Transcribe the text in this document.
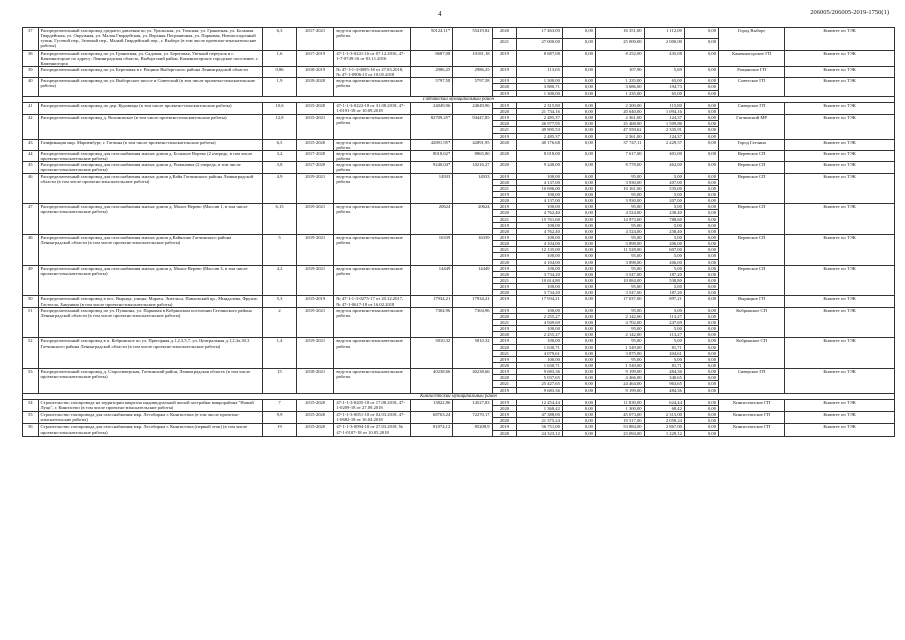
4	206005/206005-2019-1750(1)
37	Распределительный газопровод среднего давления по ул. Уральская, ул. Томская, ул. Гранитная, ул. Большая Гвардейская, ул. Окружная, ул. Малая Гвардейская, ул. Верхняя Пограничная, ул. Парковая, Новопосадочный тупик, Гусевой пер., Зеленый пер., Малый Гвардейский пер., г. Выборг (в том числе проектно-изыскательские работы)	6,3	2017-2021	ведутся проектно-изыскательские работы	50124,11*	55419,82	2020	17 463,00	0,00	16 351,00	1 112,00	0,00	Город Выборг	Комитет по ТЭК
							2021	27 000,00	0,00	25 000,00	2 000,00	0,00		
38	Распределительный газопровод по ул. Гранитная, ул. Садовая, ул. Береговая, Уютный переулок в г. Каменногорске по адресу: Ленинградская область, Выборгский район, Каменногорское городское поселение, г. Каменногорск	1,6	2017-2019	47-1-1-3-0241-16 от 07.12.2016, 47-1-7-0749-16 от 03.11.2016	8687,08	10181,18	2019	8 687,08	0,00	8 252,00	435,08	0,00	Каменногорское ГП	Комитет по ТЭК
39	Распределительный газопровод по ул. Березовая в г. Рощино Выборгского района Ленинградской области	0,86	2018-2019	№ 47-1-1-3-0095-18 от 27.03.2018, № 47-1-0906-15 от 10.05.2018	2986,25	2986,25	2019	113,65	0,00	107,96	5,69	0,00	Рощинское ГП	Комитет по ТЭК
40	Распределительный газопровод по ул. Выборгское шоссе и Советский (в том числе проектно-изыскательские работы)	1,9	2018-2020	ведутся проектно-изыскательские работы	5797,58	5797,58	2019	1 300,00	0,00	1 235,00	65,00	0,00	Советское ГП	Комитет по ТЭК
							2020	3 880,71	0,00	3 686,00	194,73	0,00		
							2019	1 300,00	0,00	1 235,00	65,00	0,00		
Гатчинский муниципальный район														
41	Распределительный газопровод по дер. Куровицы (в том числе проектно-изыскательские работы)	10,6	2015-2020	47-1-1-3-0222-18 от 31.08.2018, 47-1-0191-18 от 10.09.2018	24049,96	24049,96	2019	2 315,80	0,00	2 200,00	115,80	0,00	Сиверское ГП	Комитет по ТЭК
							2020	21 734,16	0,00	20 640,00	1 094,16	0,00		
42	Распределительный газопровод д. Вохоновское (в том числе проектно-изыскательские работы)	12,8	2015-2021	ведутся проектно-изыскательские работы	82709,25*	94447,85	2019	2 485,37	0,00	2 361,00	124,37	0,00	Гатчинский МР	Комитет по ТЭК
							2020	26 977,95	0,00	25 468,00	1 509,86	0,00		
							2021	49 895,53	0,00	47 559,62	2 335,91	0,00		
							2019	2 485,37	0,00	2 361,00	124,37	0,00		
43	Газификация мкр. Мариенбург, г. Гатчина (в том числе проектно-изыскательские работы)	6,5	2015-2020	ведутся проектно-изыскательские работы	42891,95*	42891,95	2020	40 176,68	0,00	37 747,11	2 429,57	0,00	Город Гатчина	Комитет по ТЭК
44	Распределительный газопровод для газоснабжения жилых домов д. Большое Верево (2 очередь, в том числе проектно-изыскательские работы)	3,2	2017-2020	ведутся проектно-изыскательские работы	8018,62*	8865,80	2020	8 018,00	0,00	7 617,00	401,00	0,00	Веревское СП	Комитет по ТЭК
45	Распределительный газопровод для газоснабжения жилых домов д. Романовка (2 очередь, в том числе проектно-изыскательские работы)	3,8	2017-2020	ведутся проектно-изыскательские работы	9240,04*	10216,27	2020	9 240,00	0,00	8 778,00	462,00	0,00	Веревское СП	Комитет по ТЭК
46	Распределительный газопровод для газоснабжения жилых домов д.Вайя Гатчинского района Ленинградской области (в том числе проектно-изыскательские работы)	4,9	2019-2021	ведутся проектно-изыскательские работы	14933	14933	2019	100,00	0,00	95,00	5,00	0,00	Веревское СП	Комитет по ТЭК
							2020	4 137,00	0,00	3 930,00	207,00	0,00		
							2021	10 696,00	0,00	10 161,00	535,00	0,00		
							2019	100,00	0,00	95,00	5,00	0,00		
							2020	4 137,00	0,00	3 930,00	207,00	0,00		
47	Распределительный газопровод для газоснабжения жилых домов д. Малое Верево (Массив 1, в том числе проектно-изыскательские работы)	6,15	2019-2021	ведутся проектно-изыскательские работы	20624	20624	2019	100,00	0,00	95,00	5,00	0,00	Веревское СП	Комитет по ТЭК
							2020	4 762,40	0,00	4 524,00	238,40	0,00		
							2021	15 761,60	0,00	14 973,00	788,60	0,00		
							2019	100,00	0,00	95,00	5,00	0,00		
							2020	4 762,40	0,00	4 524,00	238,40	0,00		
48	Распределительный газопровод для газоснабжения жилых домов д.Вайялово Гатчинского района Ленинградской области (в том числе проектно-изыскательские работы)	5	2019-2021	ведутся проектно-изыскательские работы	16339	16339	2019	100,00	0,00	95,00	5,00	0,00	Веревское СП	Комитет по ТЭК
							2020	4 104,00	0,00	3 898,00	206,00	0,00		
							2021	12 135,00	0,00	11 528,00	607,00	0,00		
							2019	100,00	0,00	95,00	5,00	0,00		
							2020	4 104,00	0,00	3 898,00	206,00	0,00		
49	Распределительный газопровод для газоснабжения жилых домов д. Малое Верево (Массив 3, в том числе проектно-изыскательские работы)	4,2	2019-2021	ведутся проектно-изыскательские работы	14449	14449	2019	100,00	0,00	95,00	5,00	0,00	Веревское СП	Комитет по ТЭК
							2020	3 734,20	0,00	3 547,00	187,20	0,00		
							2021	10 614,80	0,00	10 084,00	530,80	0,00		
							2019	100,00	0,00	95,00	5,00	0,00		
							2020	3 734,20	0,00	3 547,00	187,20	0,00		
50	Распределительный газопровод в пос. Вырица, улицы: Марата, Энгельса, Павловский пр., Миндалева, Фрунзе, Гастелло, Бакунина (в том числе проектно-изыскательские работы)	5,3	2015-2019	№ 47-1-1-3-0275-17 от 20.12.2017, № 47-1-0617-18 от 16.02.2018	17934,21	17934,21	2019	17 934,21	0,00	17 037,00	897,21	0,00	Вырицкое ГП	Комитет по ТЭК
51	Распределительный газопровод по ул. Пушкина, ул. Парковая в Кобринском поселении Гатчинского района Ленинградской области (в том числе проектно-изыскательские работы)	2	2019-2021	ведутся проектно-изыскательские работы	7304,96	7304,96	2019	100,00	0,00	95,00	5,00	0,00	Кобринское СП	Комитет по ТЭК
							2020	2 255,27	0,00	2 142,00	113,27	0,00		
							2021	4 949,69	0,00	4 702,00	247,69	0,00		
							2019	100,00	0,00	95,00	5,00	0,00		
							2020	2 255,27	0,00	2 142,00	113,27	0,00		
52	Распределительный газопровод в п. Кобринское по ул. Пригорная д.1,2,3,5,7, ул. Центральная д.1,2,3а,30,3 Гатчинского района Ленинградской области (в том числе проектно-изыскательские работы)	1,4	2019-2021	ведутся проектно-изыскательские работы	5810,32	5810,32	2019	100,00	0,00	95,00	5,00	0,00	Кобринское СП	Комитет по ТЭК
							2020	1 630,71	0,00	1 549,00	81,71	0,00		
							2021	4 079,61	0,00	3 875,00	204,61	0,00		
							2019	100,00	0,00	95,00	5,00	0,00		
							2020	1 630,71	0,00	1 549,00	81,71	0,00		
53	Распределительный газопровод д. Старосиверская, Гатчинский район, Ленинградская область (в том числе проектно-изыскательские работы)	15	2018-2021	ведутся проектно-изыскательские работы	40238,66	40238,66	2019	9 683,36	0,00	9 199,00	484,36	0,00	Сиверское ГП	Комитет по ТЭК
							2020	5 037,65	0,00	4 466,00	340,65	0,00		
							2021	25 427,65	0,00	24 464,00	963,65	0,00		
							2019	9 683,36	0,00	9 199,00	484,36	0,00		
Кингисеппский муниципальный район														
54	Строительство газопровода на территории квартала индивидуальной жилой застройки микрорайона "Новый Луцк", г. Кингисепп (в том числе проектно-изыскательские работы)	7	2015-2020	47-1-1-3-0205-18 от 17.08.2018, 47-1-0209-18 от 27.09.2018	13822,86	14527,83	2019	12 454,44	0,00	11 830,00	624,44	0,00	Кингисеппское ГП	Комитет по ТЭК
							2020	1 368,42	0,00	1 300,00	68,42	0,00		
55	Строительство газопровода для газоснабжения мкр. Лесобиржа г. Кингисеппа (в том числе проектно-изыскательские работы)	9,9	2015-2020	47-1-1-3-0051-18 от 02.03.2018, 47-1-0682-18 от 16.04.2018	68763,24	72270,17	2019	47 388,00	0,00	45 073,00	2 315,00	0,00	Кингисеппское ГП	Комитет по ТЭК
							2020	21 375,24	0,00	19 317,00	2 058,24	0,00		
56	Строительство газопровода для газоснабжения мкр. Лесобиржа г. Кингисеппа (первый этап) (в том числе проектно-изыскательские работы)	19	2015-2020	47-1-1-3-0094-18 от 27.03.2018, № 47-1-0107-18 от 10.05.2018	81074,12	85208,9	2019	56 751,00	0,00	53 884,00	2 867,00	0,00	Кингисеппское ГП	Комитет по ТЭК
							2020	24 323,12	0,00	23 094,00	1 229,12	0,00		
